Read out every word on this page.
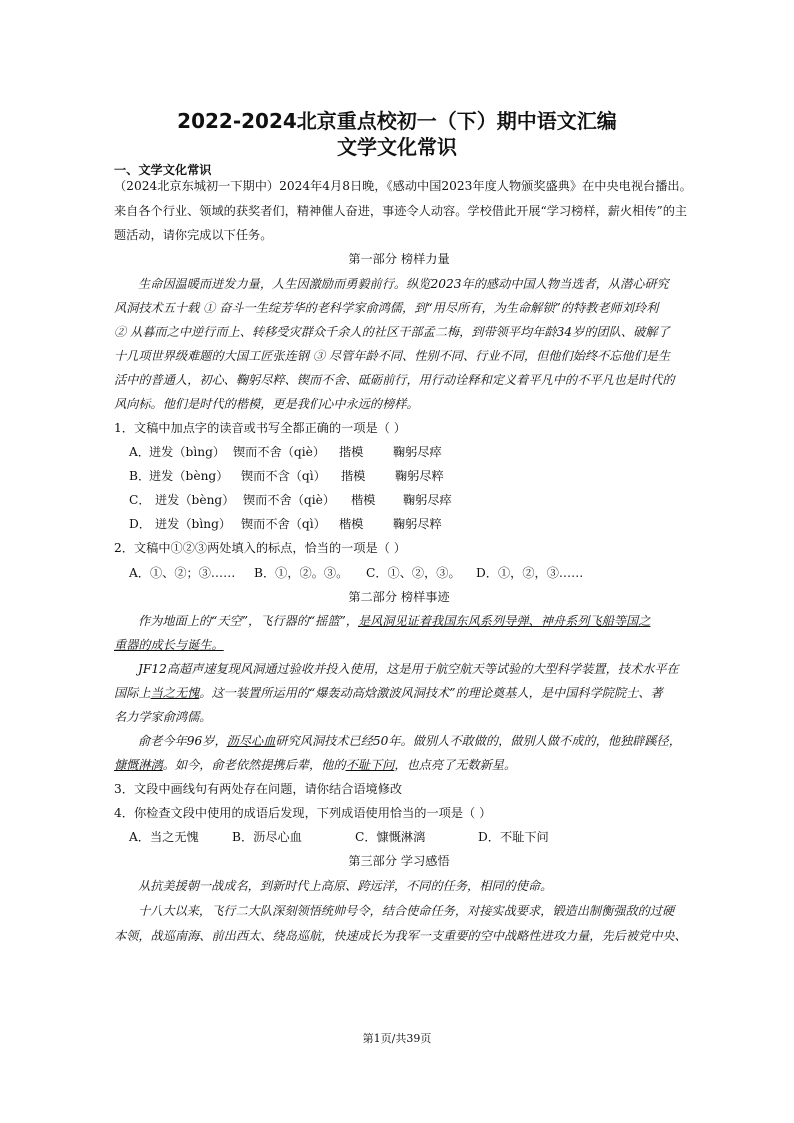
2022-2024北京重点校初一（下）期中语文汇编
文学文化常识
一、文学文化常识
（2024北京东城初一下期中）2024年4月8日晚，《感动中国2023年度人物颁奖盛典》在中央电视台播出。
来自各个行业、领域的获奖者们，精神催人奋进，事迹令人动容。学校借此开展“学习榜样，薪火相传”的主
题活动，请你完成以下任务。
第一部分 榜样力量
生命因温暖而迸发力量，人生因激励而勇毅前行。纵览2023年的感动中国人物当选者，从潜心研究
风洞技术五十载 ① 奋斗一生绽芳华的老科学家俞鸿儒，到“用尽所有，为生命解锁”的特教老师刘玲利
② 从暮而之中逆行而上、转移受灾群众千余人的社区干部孟二梅，到带领平均年龄34岁的团队、破解了
十几项世界级难题的大国工匠张连钢 ③ 尽管年龄不同、性别不同、行业不同，但他们始终不忘他们是生
活中的普通人，初心、鞠躬尽粹、锲而不舍、砥砺前行，用行动诠释和定义着平凡中的不平凡也是时代的
风向标。他们是时代的楷模，更是我们心中永远的榜样。
1．文稿中加点字的读音或书写全都正确的一项是（ ）
A． 迸发（bìng） 锲而不舍（qiè） 揩模 鞠躬尽瘁
B．
迸发（bèng） 锲而不含（qì） 揩模 鞠躬尽粹
C． 迸发（bèng） 锲而不舍（qiè） 楷模 鞠躬尽瘁
D． 迸发（bìng） 锲而不舍（qì） 楷模 鞠躬尽粹
2．文稿中①②③两处填入的标点，恰当的一项是（ ）
A．①、②；③…… B．①，②。③。 C．①、②，③。 D．①，②，③……
第二部分 榜样事迹
作为地面上的“天空”，飞行器的“摇篮”，是风洞见证着我国东风系列导弹、神舟系列飞船等国之
重器的成长与诞生。
JF12高超声速复现风洞通过验收并投入使用，这是用于航空航天等试验的大型科学装置，技术水平在
国际上当之无愧。这一装置所运用的“爆轰动高焓激波风洞技术”的理论奠基人，是中国科学院院士、著
名力学家俞鸿儒。
俞老今年96岁，沥尽心血研究风洞技术已经50年。做别人不敢做的，做别人做不成的，他独辟蹊径，
慷慨淋漓。如今，俞老依然提携后辈，他的不耻下问，也点亮了无数新星。
3．文段中画线句有两处存在问题，请你结合语境修改
4．你检查文段中使用的成语后发现，下列成语使用恰当的一项是（ ）
A．当之无愧	B．沥尽心血	C．慷慨淋漓	D．不耻下问
第三部分 学习感悟
从抗美援朝一战成名，到新时代上高原、跨远洋，不同的任务，相同的使命。
十八大以来，飞行二大队深刻领悟统帅号令，结合使命任务，对接实战要求，锻造出制衡强敌的过硬
本领，战巡南海、前出西太、绕岛巡航，快速成长为我军一支重要的空中战略性进攻力量，先后被党中央、
第1页/共39页
